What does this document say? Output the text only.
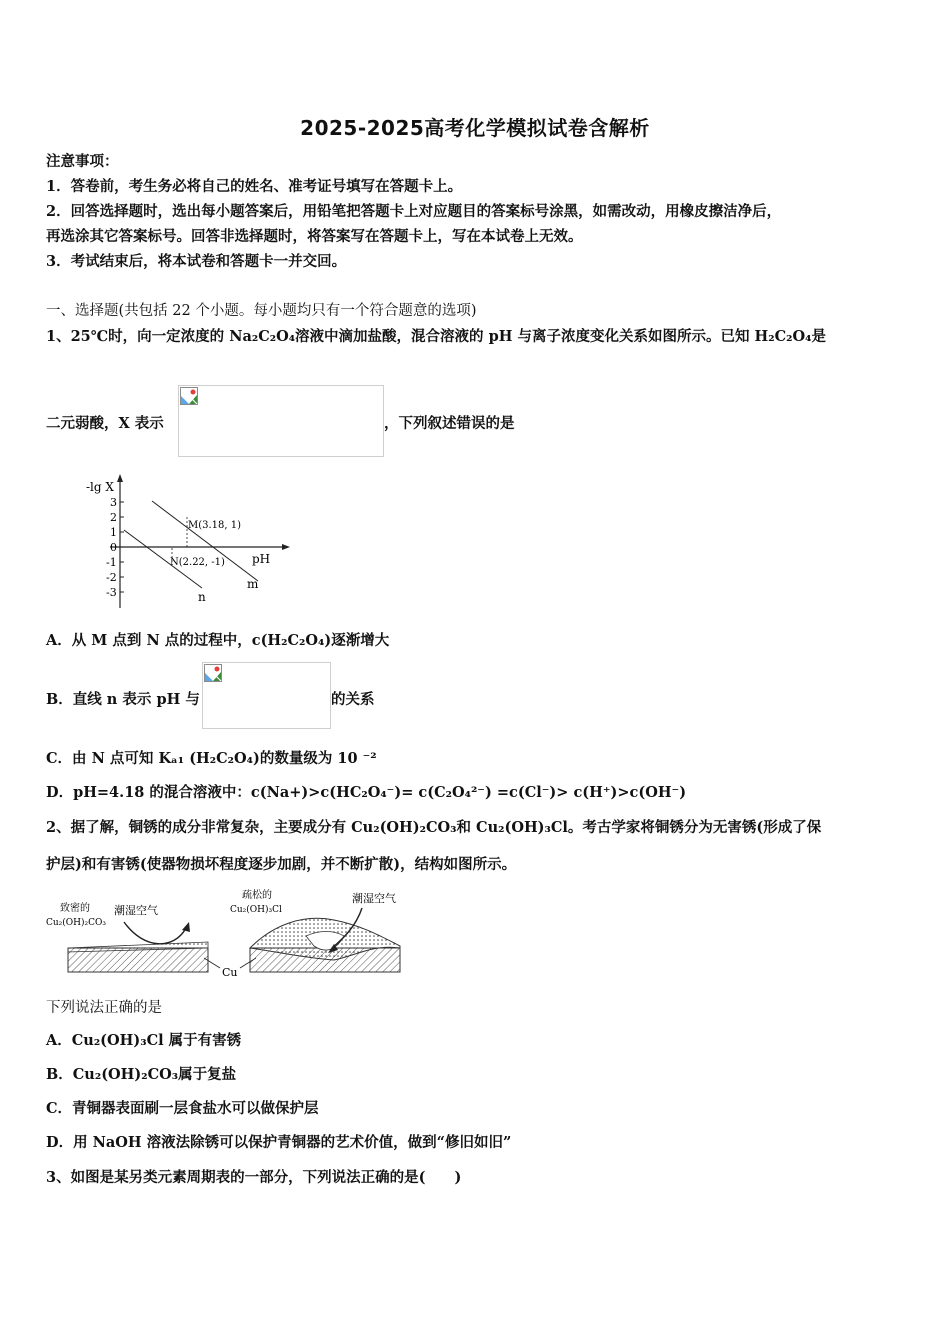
2025-2025高考化学模拟试卷含解析
注意事项：
1．答卷前，考生务必将自己的姓名、准考证号填写在答题卡上。
2．回答选择题时，选出每小题答案后，用铅笔把答题卡上对应题目的答案标号涂黑，如需改动，用橡皮擦洁净后，
再选涂其它答案标号。回答非选择题时，将答案写在答题卡上，写在本试卷上无效。
3．考试结束后，将本试卷和答题卡一并交回。
一、选择题(共包括 22 个小题。每小题均只有一个符合题意的选项)
1、25℃时，向一定浓度的 Na₂C₂O₄溶液中滴加盐酸，混合溶液的 pH 与离子浓度变化关系如图所示。已知 H₂C₂O₄是
二元弱酸，X 表示	，下列叙述错误的是
-lg X
pH
3
2
1
0
-1
-2
-3
M(3.18, 1)
N(2.22, -1)
m
n
A．从 M 点到 N 点的过程中，c(H₂C₂O₄)逐渐增大
B．直线 n 表示 pH 与	的关系
C．由 N 点可知 Kₐ₁ (H₂C₂O₄)的数量级为 10 ⁻²
D．pH=4.18 的混合溶液中：c(Na+)>c(HC₂O₄⁻)= c(C₂O₄²⁻) =c(Cl⁻)> c(H⁺)>c(OH⁻)
2、据了解，铜锈的成分非常复杂，主要成分有 Cu₂(OH)₂CO₃和 Cu₂(OH)₃Cl。考古学家将铜锈分为无害锈(形成了保
护层)和有害锈(使器物损坏程度逐步加剧，并不断扩散)，结构如图所示。
致密的
Cu₂(OH)₂CO₃
潮湿空气
疏松的
Cu₂(OH)₃Cl
潮湿空气
Cu
下列说法正确的是
A．Cu₂(OH)₃Cl 属于有害锈
B．Cu₂(OH)₂CO₃属于复盐
C．青铜器表面刷一层食盐水可以做保护层
D．用 NaOH 溶液法除锈可以保护青铜器的艺术价值，做到“修旧如旧”
3、如图是某另类元素周期表的一部分，下列说法正确的是(　　)
